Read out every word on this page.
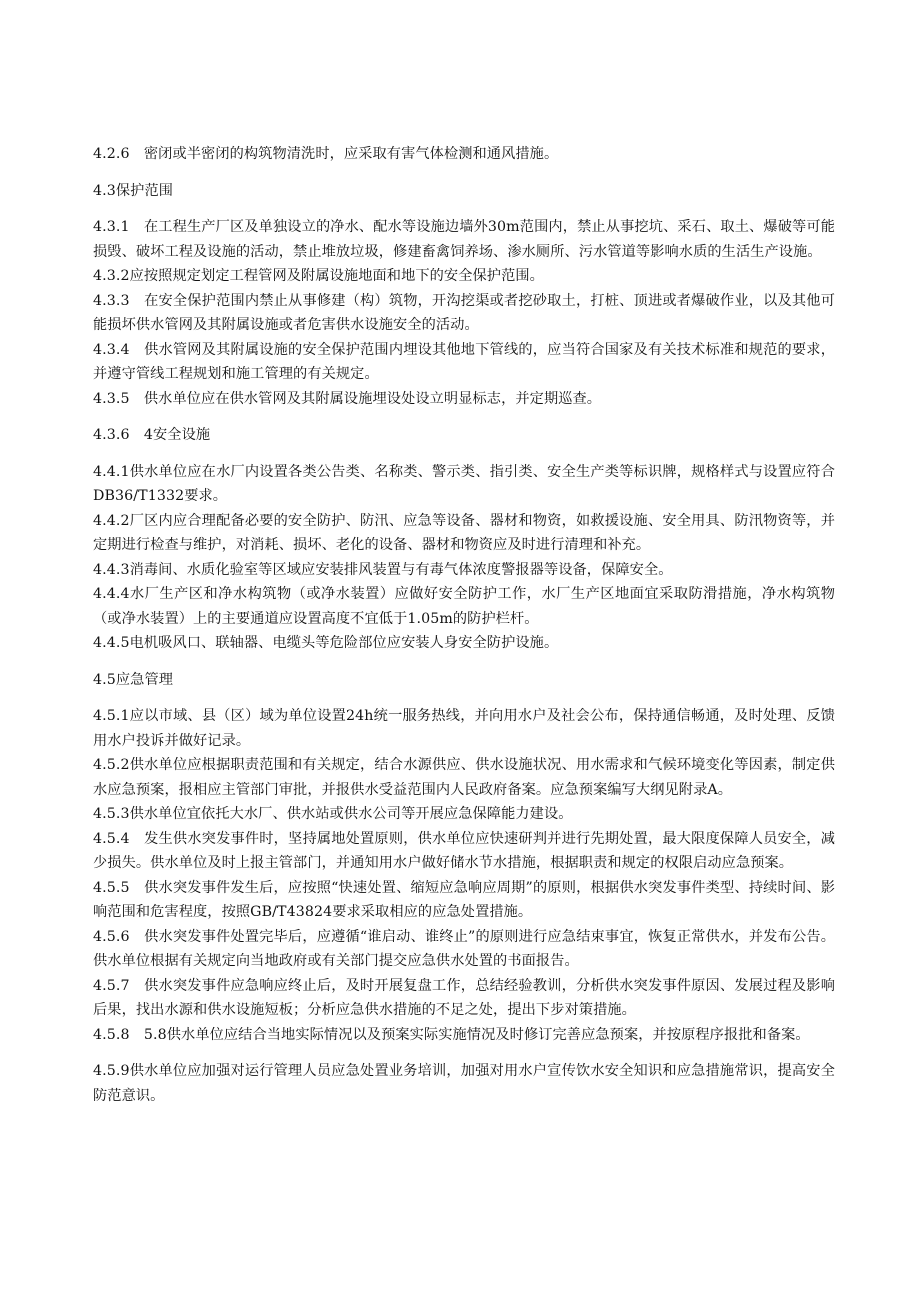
4.2.6　密闭或半密闭的构筑物清洗时，应采取有害气体检测和通风措施。

4.3保护范围

4.3.1　在工程生产厂区及单独设立的净水、配水等设施边墙外30m范围内，禁止从事挖坑、采石、取土、爆破等可能损毁、破坏工程及设施的活动，禁止堆放垃圾，修建畜禽饲养场、渗水厕所、污水管道等影响水质的生活生产设施。

4.3.2应按照规定划定工程管网及附属设施地面和地下的安全保护范围。

4.3.3　在安全保护范围内禁止从事修建（构）筑物，开沟挖渠或者挖砂取土，打桩、顶进或者爆破作业，以及其他可能损坏供水管网及其附属设施或者危害供水设施安全的活动。

4.3.4　供水管网及其附属设施的安全保护范围内埋设其他地下管线的，应当符合国家及有关技术标准和规范的要求，并遵守管线工程规划和施工管理的有关规定。

4.3.5　供水单位应在供水管网及其附属设施埋设处设立明显标志，并定期巡查。

4.3.6　4安全设施

4.4.1供水单位应在水厂内设置各类公告类、名称类、警示类、指引类、安全生产类等标识牌，规格样式与设置应符合DB36/T1332要求。

4.4.2厂区内应合理配备必要的安全防护、防汛、应急等设备、器材和物资，如救援设施、安全用具、防汛物资等，并定期进行检查与维护，对消耗、损坏、老化的设备、器材和物资应及时进行清理和补充。

4.4.3消毒间、水质化验室等区域应安装排风装置与有毒气体浓度警报器等设备，保障安全。

4.4.4水厂生产区和净水构筑物（或净水装置）应做好安全防护工作，水厂生产区地面宜采取防滑措施，净水构筑物（或净水装置）上的主要通道应设置高度不宜低于1.05m的防护栏杆。

4.4.5电机吸风口、联轴器、电缆头等危险部位应安装人身安全防护设施。

4.5应急管理

4.5.1应以市域、县（区）域为单位设置24h统一服务热线，并向用水户及社会公布，保持通信畅通，及时处理、反馈用水户投诉并做好记录。

4.5.2供水单位应根据职责范围和有关规定，结合水源供应、供水设施状况、用水需求和气候环境变化等因素，制定供水应急预案，报相应主管部门审批，并报供水受益范围内人民政府备案。应急预案编写大纲见附录A。

4.5.3供水单位宜依托大水厂、供水站或供水公司等开展应急保障能力建设。

4.5.4　发生供水突发事件时，坚持属地处置原则，供水单位应快速研判并进行先期处置，最大限度保障人员安全，减少损失。供水单位及时上报主管部门，并通知用水户做好储水节水措施，根据职责和规定的权限启动应急预案。

4.5.5　供水突发事件发生后，应按照“快速处置、缩短应急响应周期”的原则，根据供水突发事件类型、持续时间、影响范围和危害程度，按照GB/T43824要求采取相应的应急处置措施。

4.5.6　供水突发事件处置完毕后，应遵循“谁启动、谁终止”的原则进行应急结束事宜，恢复正常供水，并发布公告。供水单位根据有关规定向当地政府或有关部门提交应急供水处置的书面报告。

4.5.7　供水突发事件应急响应终止后，及时开展复盘工作，总结经验教训，分析供水突发事件原因、发展过程及影响后果，找出水源和供水设施短板；分析应急供水措施的不足之处，提出下步对策措施。

4.5.8　5.8供水单位应结合当地实际情况以及预案实际实施情况及时修订完善应急预案，并按原程序报批和备案。

4.5.9供水单位应加强对运行管理人员应急处置业务培训，加强对用水户宣传饮水安全知识和应急措施常识，提高安全防范意识。
